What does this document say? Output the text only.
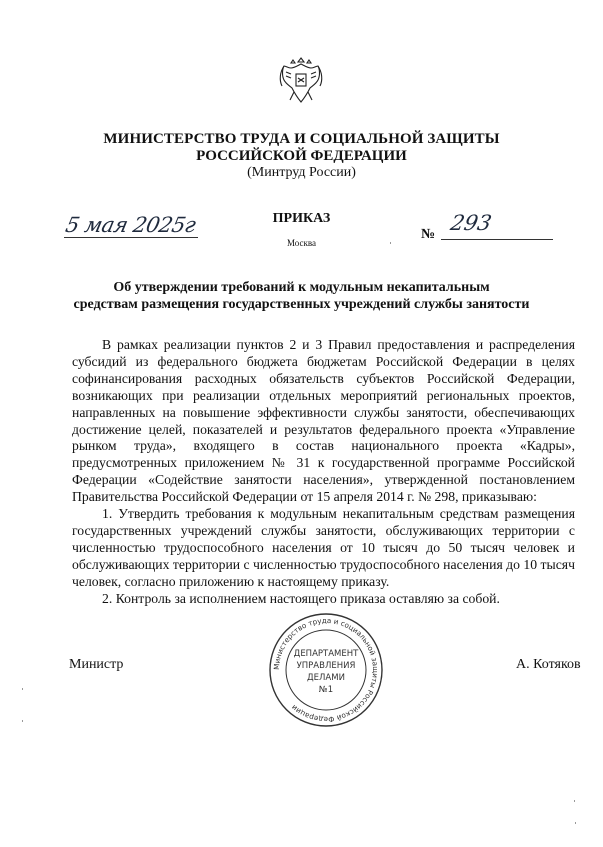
МИНИСТЕРСТВО ТРУДА И СОЦИАЛЬНОЙ ЗАЩИТЫ
РОССИЙСКОЙ ФЕДЕРАЦИИ
(Минтруд России)
5 мая 2025г	ПРИКАЗ
Москва
№ 293
Об утверждении требований к модульным некапитальным
средствам размещения государственных учреждений службы занятости

В рамках реализации пунктов 2 и 3 Правил предоставления и распределения субсидий из федерального бюджета бюджетам Российской Федерации в целях софинансирования расходных обязательств субъектов Российской Федерации, возникающих при реализации отдельных мероприятий региональных проектов, направленных на повышение эффективности службы занятости, обеспечивающих достижение целей, показателей и результатов федерального проекта «Управление рынком труда», входящего в состав национального проекта «Кадры», предусмотренных приложением № 31 к государственной программе Российской Федерации «Содействие занятости населения», утвержденной постановлением Правительства Российской Федерации от 15 апреля 2014 г. № 298, приказываю:

1. Утвердить требования к модульным некапитальным средствам размещения государственных учреждений службы занятости, обслуживающих территории с численностью трудоспособного населения от 10 тысяч до 50 тысяч человек и обслуживающих территории с численностью трудоспособного населения до 10 тысяч человек, согласно приложению к настоящему приказу.

2. Контроль за исполнением настоящего приказа оставляю за собой.

Министр	А. Котяков
Министерство труда и социальной защиты Российской Федерации
ДЕПАРТАМЕНТ
УПРАВЛЕНИЯ
ДЕЛАМИ
№1
